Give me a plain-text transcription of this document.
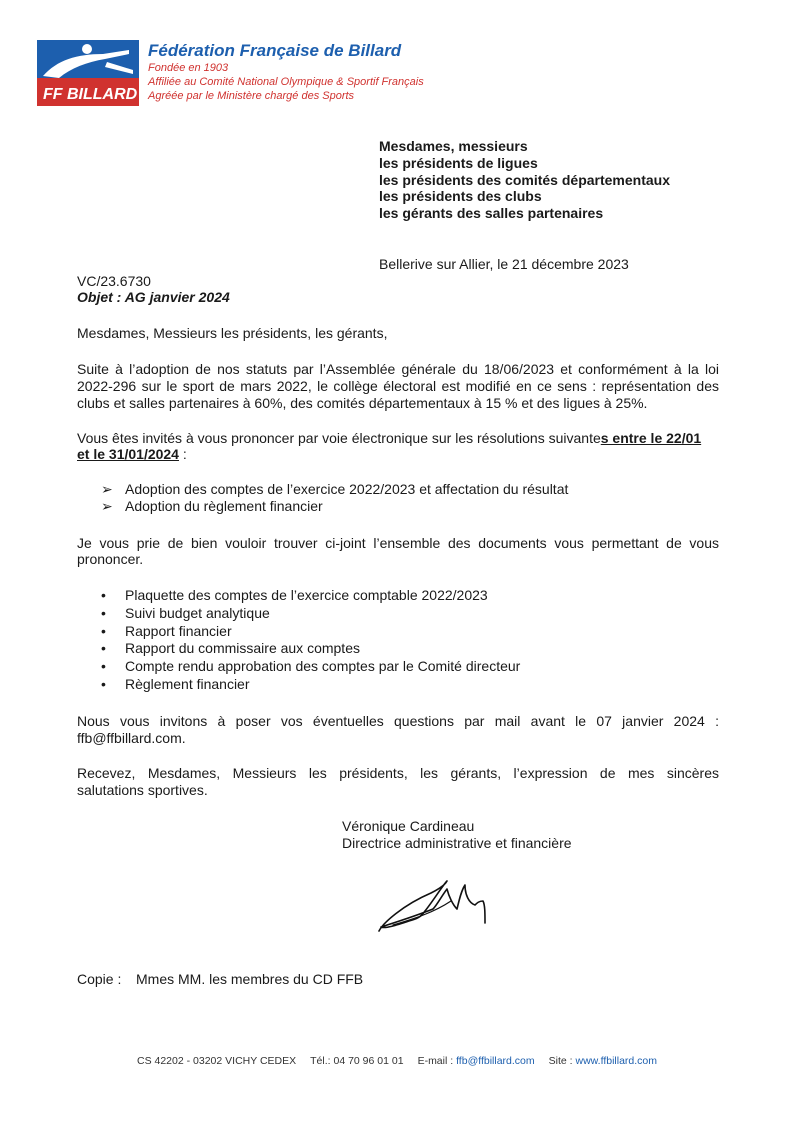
FF BILLARD
Fédération Française de Billard
Fondée en 1903
Affiliée au Comité National Olympique & Sportif Français
Agréée par le Ministère chargé des Sports
Mesdames, messieurs
les présidents de ligues
les présidents des comités départementaux
les présidents des clubs
les gérants des salles partenaires
Bellerive sur Allier, le 21 décembre 2023
VC/23.6730
Objet : AG janvier 2024
Mesdames, Messieurs les présidents, les gérants,
Suite à l’adoption de nos statuts par l’Assemblée générale du 18/06/2023 et conformément à la loi
2022-296 sur le sport de mars 2022, le collège électoral est modifié en ce sens : représentation des
clubs et salles partenaires à 60%, des comités départementaux à 15 % et des ligues à 25%.
Vous êtes invités à vous prononcer par voie électronique sur les résolutions suivantes entre le 22/01
et le 31/01/2024 :
➢ Adoption des comptes de l’exercice 2022/2023 et affectation du résultat
➢ Adoption du règlement financier
Je vous prie de bien vouloir trouver ci-joint l’ensemble des documents vous permettant de vous
prononcer.
• Plaquette des comptes de l’exercice comptable 2022/2023
• Suivi budget analytique
• Rapport financier
• Rapport du commissaire aux comptes
• Compte rendu approbation des comptes par le Comité directeur
• Règlement financier
Nous vous invitons à poser vos éventuelles questions par mail avant le 07 janvier 2024 :
ffb@ffbillard.com.
Recevez, Mesdames, Messieurs les présidents, les gérants, l’expression de mes sincères
salutations sportives.
Véronique Cardineau
Directrice administrative et financière
Copie : Mmes MM. les membres du CD FFB
CS 42202 - 03202 VICHY CEDEX Tél.: 04 70 96 01 01 E-mail : ffb@ffbillard.com Site : www.ffbillard.com
